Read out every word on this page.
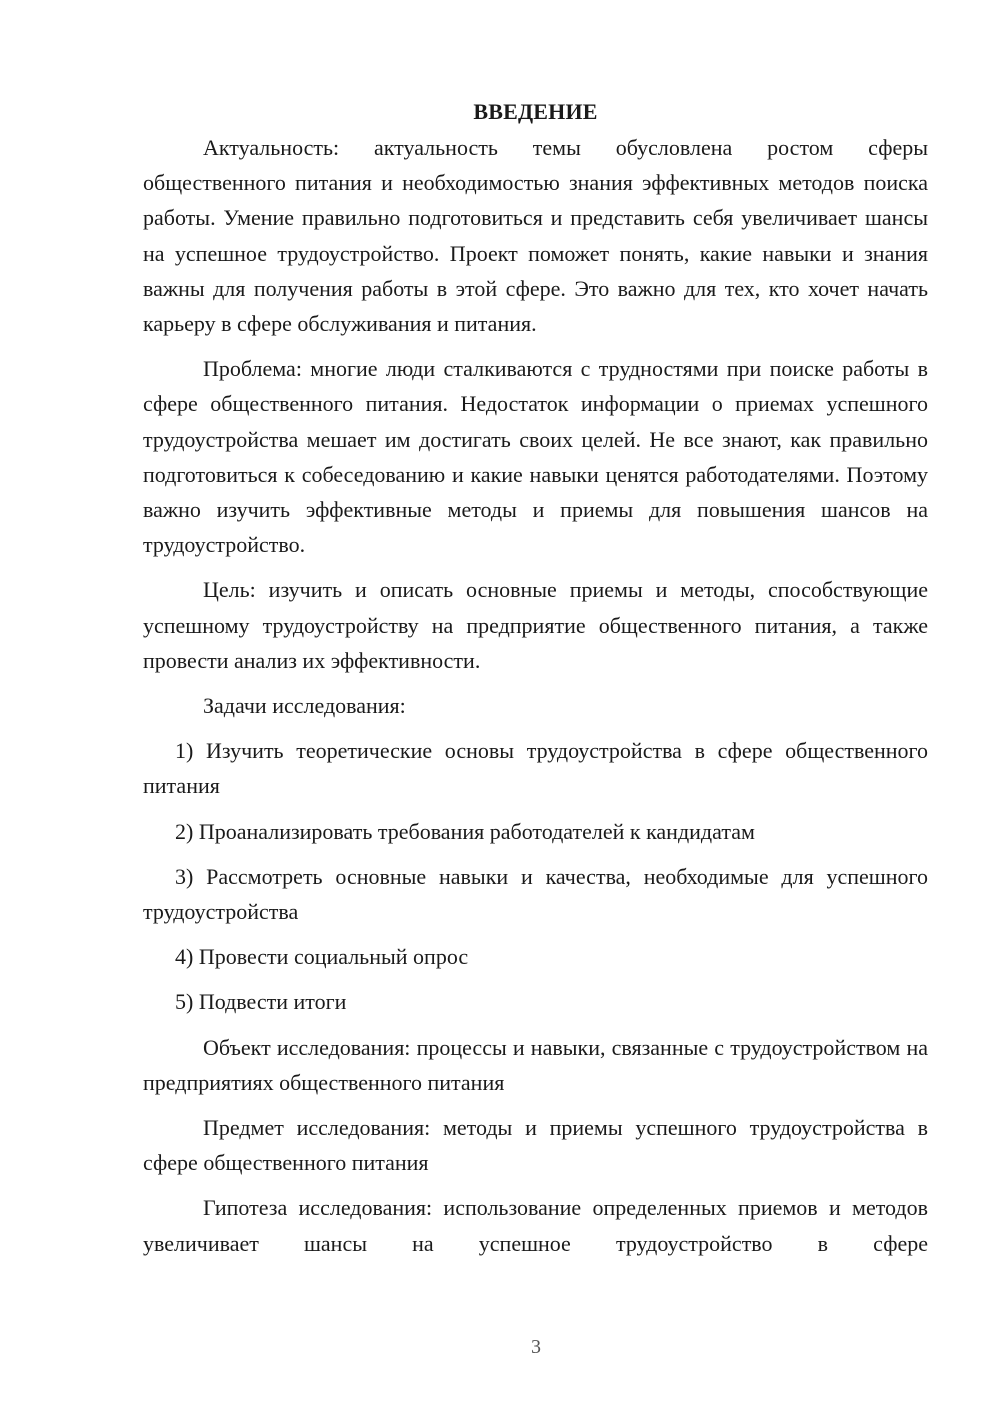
ВВЕДЕНИЕ

Актуальность: актуальность темы обусловлена ростом сферы общественного питания и необходимостью знания эффективных методов поиска работы. Умение правильно подготовиться и представить себя увеличивает шансы на успешное трудоустройство. Проект поможет понять, какие навыки и знания важны для получения работы в этой сфере. Это важно для тех, кто хочет начать карьеру в сфере обслуживания и питания.

Проблема: многие люди сталкиваются с трудностями при поиске работы в сфере общественного питания. Недостаток информации о приемах успешного трудоустройства мешает им достигать своих целей. Не все знают, как правильно подготовиться к собеседованию и какие навыки ценятся работодателями. Поэтому важно изучить эффективные методы и приемы для повышения шансов на трудоустройство.

Цель: изучить и описать основные приемы и методы, способствующие успешному трудоустройству на предприятие общественного питания, а также провести анализ их эффективности.

Задачи исследования:

1) Изучить теоретические основы трудоустройства в сфере общественного питания

2) Проанализировать требования работодателей к кандидатам

3) Рассмотреть основные навыки и качества, необходимые для успешного трудоустройства

4) Провести социальный опрос

5) Подвести итоги

Объект исследования: процессы и навыки, связанные с трудоустройством на предприятиях общественного питания

Предмет исследования: методы и приемы успешного трудоустройства в сфере общественного питания

Гипотеза исследования: использование определенных приемов и методов увеличивает шансы на успешное трудоустройство в сфере

3
